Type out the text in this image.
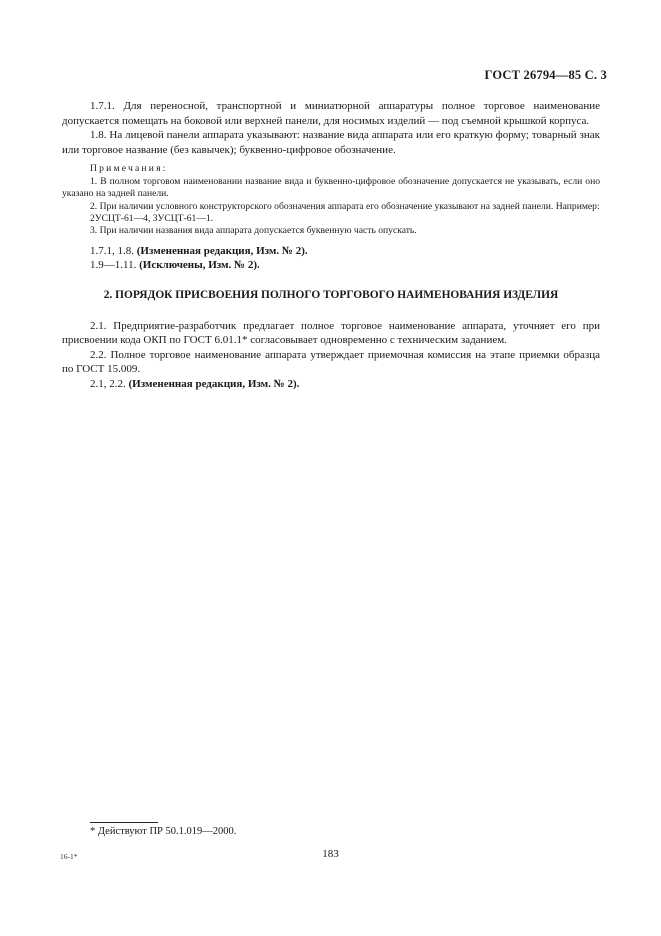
ГОСТ 26794—85 С. 3

1.7.1. Для переносной, транспортной и миниатюрной аппаратуры полное торговое наименование допускается помещать на боковой или верхней панели, для носимых изделий — под съемной крышкой корпуса.

1.8. На лицевой панели аппарата указывают: название вида аппарата или его краткую форму; товарный знак или торговое название (без кавычек); буквенно-цифровое обозначение.

Примечания:

1. В полном торговом наименовании название вида и буквенно-цифровое обозначение допускается не указывать, если оно указано на задней панели.

2. При наличии условного конструкторского обозначения аппарата его обозначение указывают на задней панели. Например:

2УСЦТ-61—4, 3УСЦТ-61—1.

3. При наличии названия вида аппарата допускается буквенную часть опускать.

1.7.1, 1.8. (Измененная редакция, Изм. № 2).

1.9—1.11. (Исключены, Изм. № 2).

2. ПОРЯДОК ПРИСВОЕНИЯ ПОЛНОГО ТОРГОВОГО НАИМЕНОВАНИЯ ИЗДЕЛИЯ

2.1. Предприятие-разработчик предлагает полное торговое наименование аппарата, уточняет его при присвоении кода ОКП по ГОСТ 6.01.1* согласовывает одновременно с техническим заданием.

2.2. Полное торговое наименование аппарата утверждает приемочная комиссия на этапе приемки образца по ГОСТ 15.009.

2.1, 2.2. (Измененная редакция, Изм. № 2).

* Действуют ПР 50.1.019—2000.
16-1*	183
